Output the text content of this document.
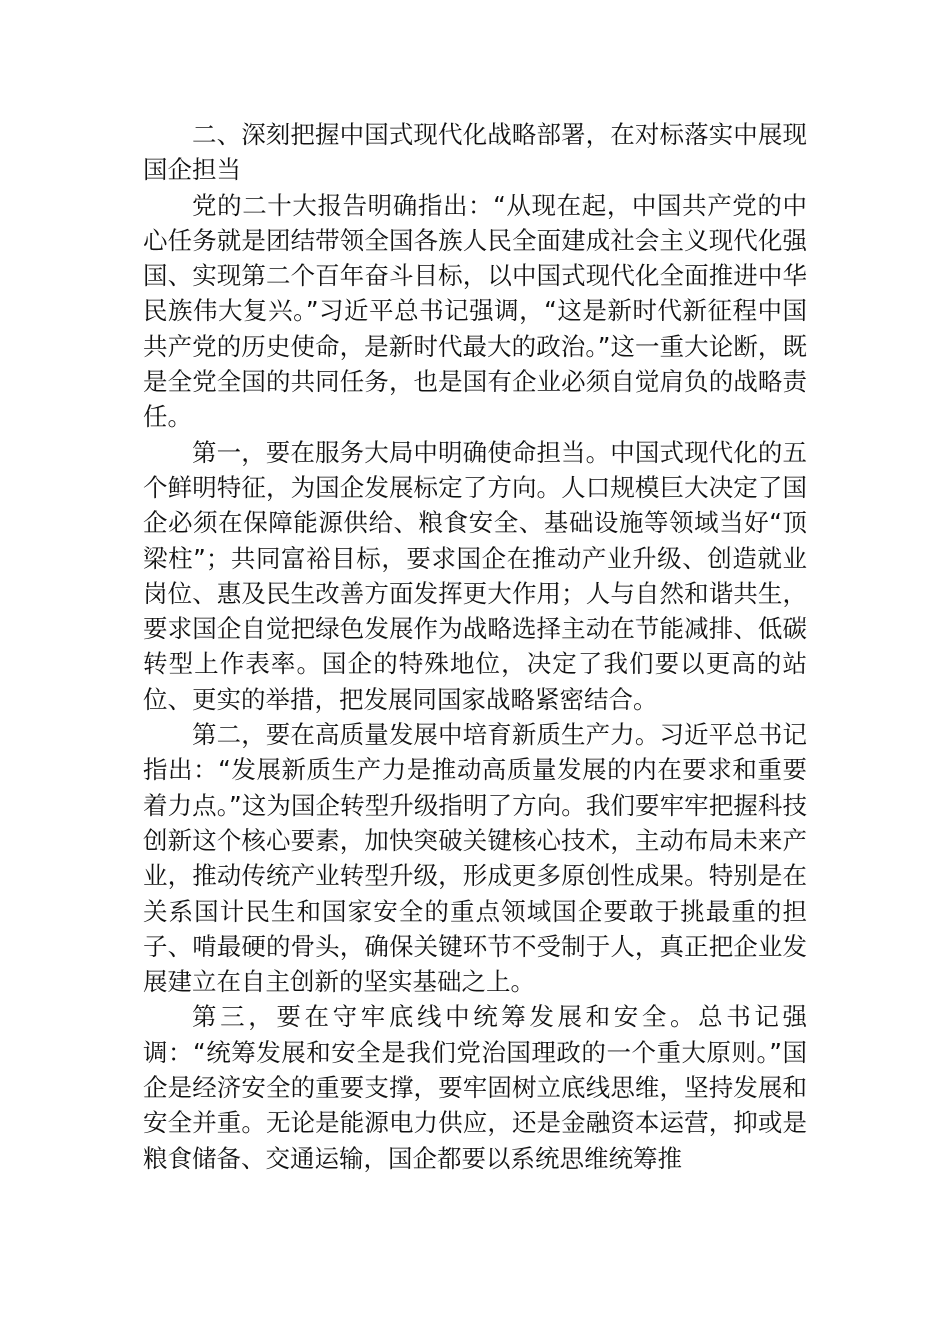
二、深刻把握中国式现代化战略部署，在对标落实中展现国企担当

党的二十大报告明确指出：“从现在起，中国共产党的中心任务就是团结带领全国各族人民全面建成社会主义现代化强国、实现第二个百年奋斗目标，以中国式现代化全面推进中华民族伟大复兴。”习近平总书记强调，“这是新时代新征程中国共产党的历史使命，是新时代最大的政治。”这一重大论断，既是全党全国的共同任务，也是国有企业必须自觉肩负的战略责任。

第一，要在服务大局中明确使命担当。中国式现代化的五个鲜明特征，为国企发展标定了方向。人口规模巨大决定了国企必须在保障能源供给、粮食安全、基础设施等领域当好“顶梁柱”；共同富裕目标，要求国企在推动产业升级、创造就业岗位、惠及民生改善方面发挥更大作用；人与自然和谐共生，要求国企自觉把绿色发展作为战略选择主动在节能减排、低碳转型上作表率。国企的特殊地位，决定了我们要以更高的站位、更实的举措，把发展同国家战略紧密结合。

第二，要在高质量发展中培育新质生产力。习近平总书记指出：“发展新质生产力是推动高质量发展的内在要求和重要着力点。”这为国企转型升级指明了方向。我们要牢牢把握科技创新这个核心要素，加快突破关键核心技术，主动布局未来产业，推动传统产业转型升级，形成更多原创性成果。特别是在关系国计民生和国家安全的重点领域国企要敢于挑最重的担子、啃最硬的骨头，确保关键环节不受制于人，真正把企业发展建立在自主创新的坚实基础之上。

第三，要在守牢底线中统筹发展和安全。总书记强调：“统筹发展和安全是我们党治国理政的一个重大原则。”国企是经济安全的重要支撑，要牢固树立底线思维，坚持发展和安全并重。无论是能源电力供应，还是金融资本运营，抑或是粮食储备、交通运输，国企都要以系统思维统筹推
